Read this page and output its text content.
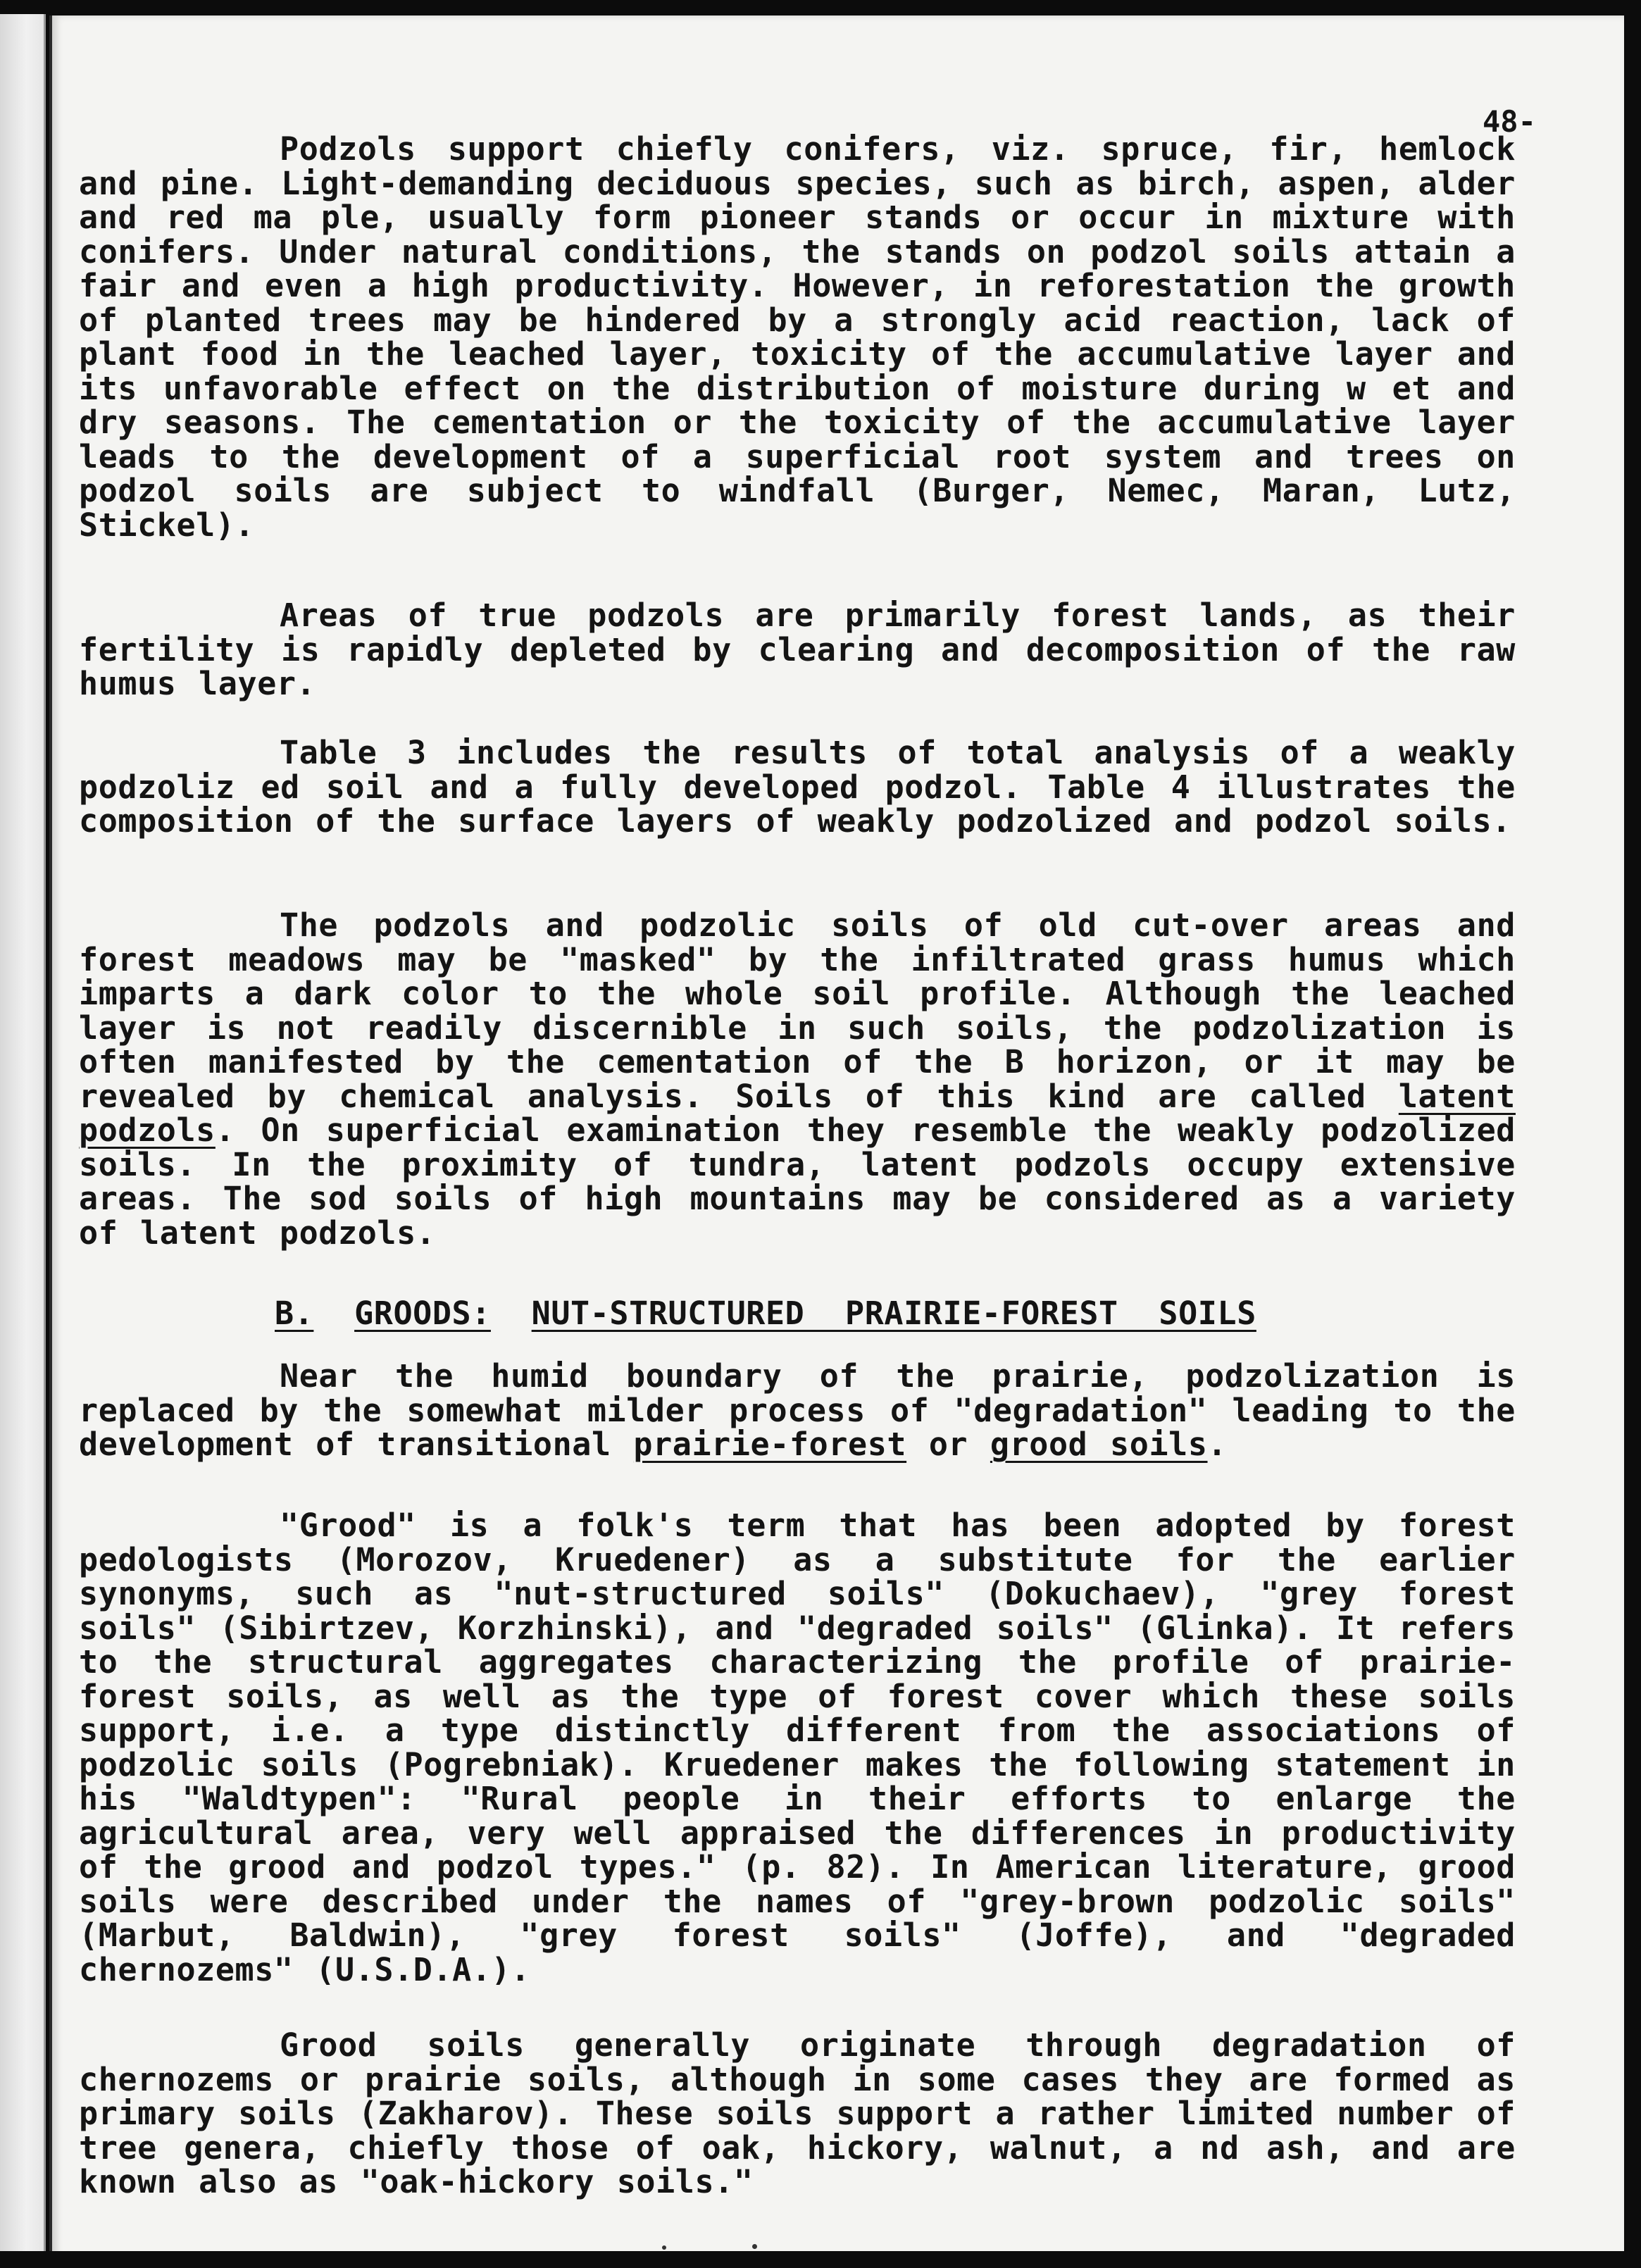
48-
Podzols support chiefly conifers, viz. spruce, fir, hemlock and pine. Light-demanding deciduous species, such as birch, aspen, alder and red ma ple, usually form pioneer stands or occur in mixture with conifers. Under natural conditions, the stands on podzol soils attain a fair and even a high productivity. However, in reforestation the growth of planted trees may be hindered by a strongly acid reaction, lack of plant food in the leached layer, toxicity of the accumulative layer and its unfavorable effect on the distribution of moisture during w et and dry seasons. The cementation or the toxicity of the accumulative layer leads to the development of a superficial root system and trees on podzol soils are subject to windfall (Burger, Nemec, Maran, Lutz, Stickel).
Areas of true podzols are primarily forest lands, as their fertility is rapidly depleted by clearing and decomposition of the raw humus layer.
Table 3 includes the results of total analysis of a weakly podzoliz ed soil and a fully developed podzol. Table 4 illustrates the composition of the surface layers of weakly podzolized and podzol soils.
The podzols and podzolic soils of old cut-over areas and forest meadows may be "masked" by the infiltrated grass humus which imparts a dark color to the whole soil profile. Although the leached layer is not readily discernible in such soils, the podzolization is often manifested by the cementation of the B horizon, or it may be revealed by chemical analysis. Soils of this kind are called latent podzols. On superficial examination they resemble the weakly podzolized soils. In the proximity of tundra, latent podzols occupy extensive areas. The sod soils of high mountains may be considered as a variety of latent podzols.
B. GROODS: NUT-STRUCTURED PRAIRIE-FOREST SOILS
Near the humid boundary of the prairie, podzolization is replaced by the somewhat milder process of "degradation" leading to the development of transitional prairie-forest or grood soils.
"Grood" is a folk's term that has been adopted by forest pedologists (Morozov, Kruedener) as a substitute for the earlier synonyms, such as "nut-structured soils" (Dokuchaev), "grey forest soils" (Sibirtzev, Korzhinski), and "degraded soils" (Glinka). It refers to the structural aggregates characterizing the profile of prairie-forest soils, as well as the type of forest cover which these soils support, i.e. a type distinctly different from the associations of podzolic soils (Pogrebniak). Kruedener makes the following statement in his "Waldtypen": "Rural people in their efforts to enlarge the agricultural area, very well appraised the differences in productivity of the grood and podzol types." (p. 82). In American literature, grood soils were described under the names of "grey-brown podzolic soils" (Marbut, Baldwin), "grey forest soils" (Joffe), and "degraded chernozems" (U.S.D.A.).
Grood soils generally originate through degradation of chernozems or prairie soils, although in some cases they are formed as primary soils (Zakharov). These soils support a rather limited number of tree genera, chiefly those of oak, hickory, walnut, a nd ash, and are known also as "oak-hickory soils."
